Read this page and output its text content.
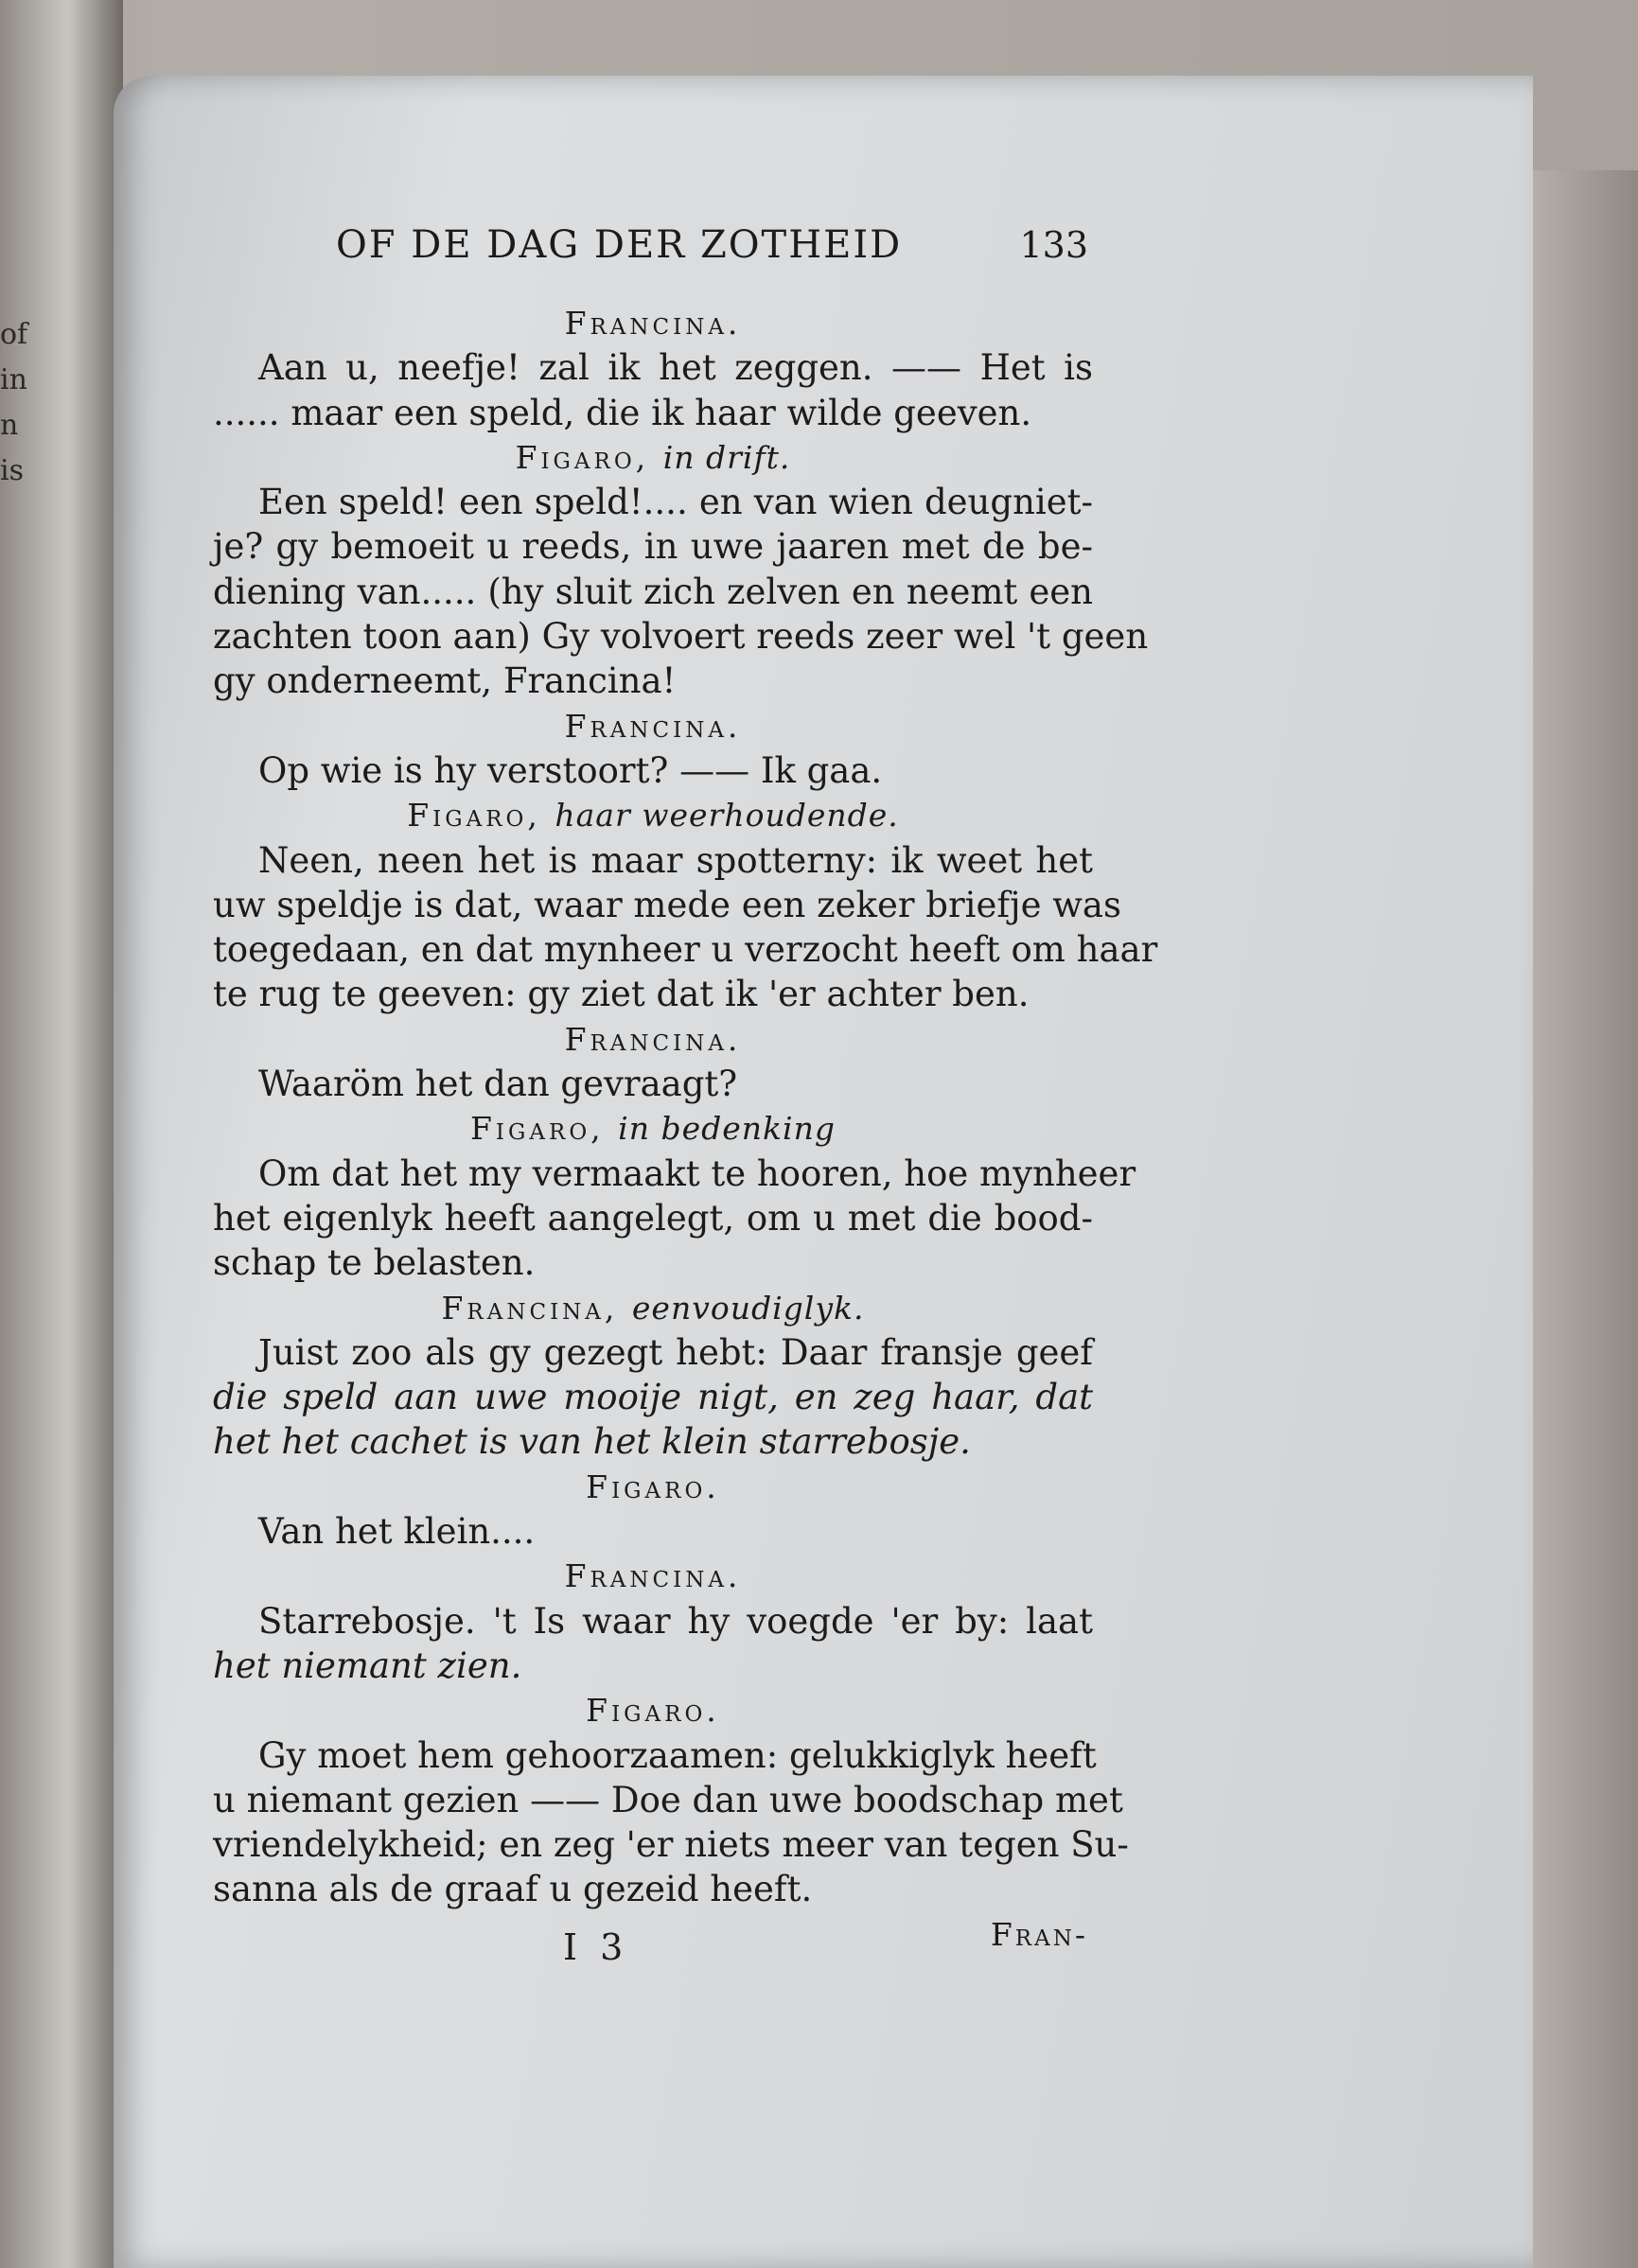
of
in
n
is
OF DE DAG DER ZOTHEID	133
Francina.

Aan u, neefje! zal ik het zeggen. —— Het is

...... maar een speld, die ik haar wilde geeven.

Figaro, in drift.

Een speld! een speld!.... en van wien deugniet-

je? gy bemoeit u reeds, in uwe jaaren met de be-

diening van..... (hy sluit zich zelven en neemt een

zachten toon aan) Gy volvoert reeds zeer wel 't geen

gy onderneemt, Francina!

Francina.

Op wie is hy verstoort? —— Ik gaa.

Figaro, haar weerhoudende.

Neen, neen het is maar spotterny: ik weet het

uw speldje is dat, waar mede een zeker briefje was

toegedaan, en dat mynheer u verzocht heeft om haar

te rug te geeven: gy ziet dat ik 'er achter ben.

Francina.

Waaröm het dan gevraagt?

Figaro, in bedenking

Om dat het my vermaakt te hooren, hoe mynheer

het eigenlyk heeft aangelegt, om u met die bood-

schap te belasten.

Francina, eenvoudiglyk.

Juist zoo als gy gezegt hebt: Daar fransje geef

die speld aan uwe mooije nigt, en zeg haar, dat

het het cachet is van het klein starrebosje.

Figaro.

Van het klein....

Francina.

Starrebosje. 't Is waar hy voegde 'er by: laat

het niemant zien.

Figaro.

Gy moet hem gehoorzaamen: gelukkiglyk heeft

u niemant gezien —— Doe dan uwe boodschap met

vriendelykheid; en zeg 'er niets meer van tegen Su-

sanna als de graaf u gezeid heeft.

I 3	Fran-
